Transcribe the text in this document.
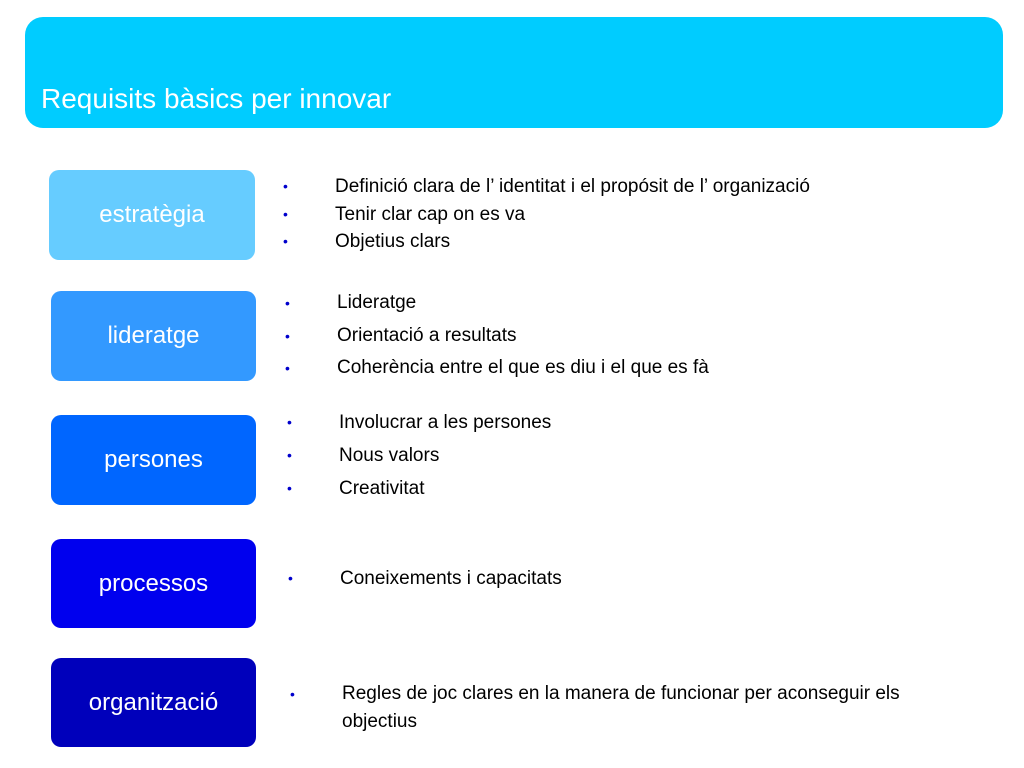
Requisits bàsics per innovar
estratègia
• Definició clara de l’ identitat i el propósit de l’ organizació
• Tenir clar cap on es va
• Objetius clars
lideratge
• Lideratge
• Orientació a resultats
• Coherència entre el que es diu i el que es fà
persones
• Involucrar a les persones
• Nous valors
• Creativitat
processos	• Coneixements i capacitats
organització	• Regles de joc clares en la manera de funcionar per aconseguir els objectius
